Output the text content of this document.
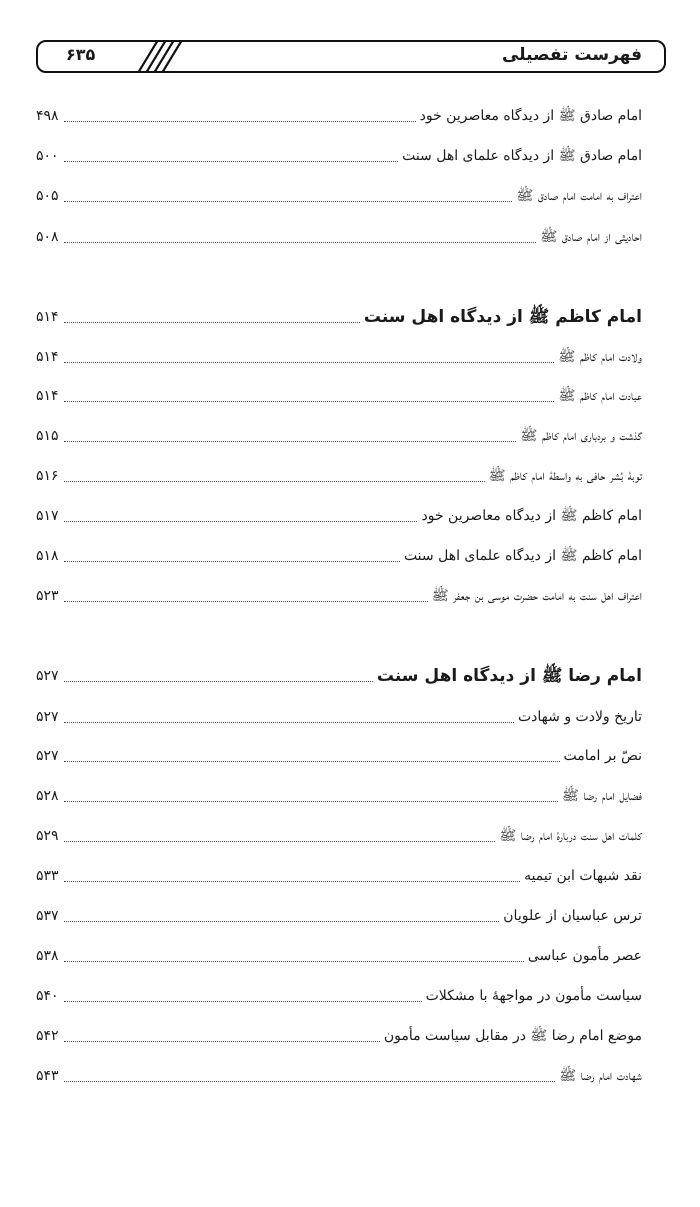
فهرست تفصیلی
۶۳۵
امام صادق ﷺ از دیدگاه معاصرین خود
۴۹۸
امام صادق ﷺ از دیدگاه علمای اهل سنت
۵۰۰
اعتراف به امامت امام صادق ﷺ
۵۰۵
احادیثی از امام صادق ﷺ
۵۰۸
امام کاظم ﷺ از دیدگاه اهل سنت
۵۱۴
ولادت امام کاظم ﷺ
۵۱۴
عبادت امام کاظم ﷺ
۵۱۴
گذشت و بردباری امام کاظم ﷺ
۵۱۵
توبهٔ بُشر حافی به واسطهٔ امام کاظم ﷺ
۵۱۶
امام کاظم ﷺ از دیدگاه معاصرین خود
۵۱۷
امام کاظم ﷺ از دیدگاه علمای اهل سنت
۵۱۸
اعتراف اهل سنت به امامت حضرت موسی بن جعفر ﷺ
۵۲۳
امام رضا ﷺ از دیدگاه اهل سنت
۵۲۷
تاریخ ولادت و شهادت
۵۲۷
نصّ بر امامت
۵۲۷
فضایل امام رضا ﷺ
۵۲۸
کلمات اهل سنت دربارهٔ امام رضا ﷺ
۵۲۹
نقد شبهات ابن تیمیه
۵۳۳
ترس عباسیان از علویان
۵۳۷
عصر مأمون عباسی
۵۳۸
سیاست مأمون در مواجههٔ با مشکلات
۵۴۰
موضع امام رضا ﷺ در مقابل سیاست مأمون
۵۴۲
شهادت امام رضا ﷺ
۵۴۳
